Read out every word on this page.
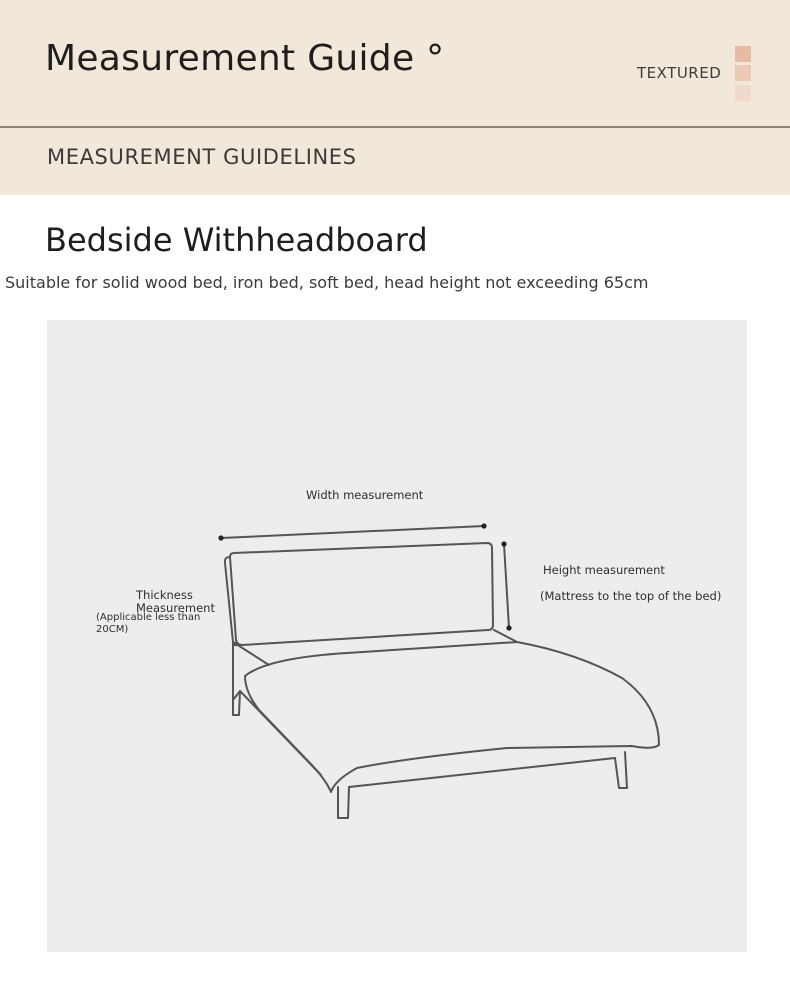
Measurement Guide °	TEXTURED
MEASUREMENT GUIDELINES
Bedside Withheadboard
Suitable for solid wood bed, iron bed, soft bed, head height not exceeding 65cm
Width measurement
Height measurement
(Mattress to the top of the bed)
Thickness
Measurement
(Applicable less than
20CM)
